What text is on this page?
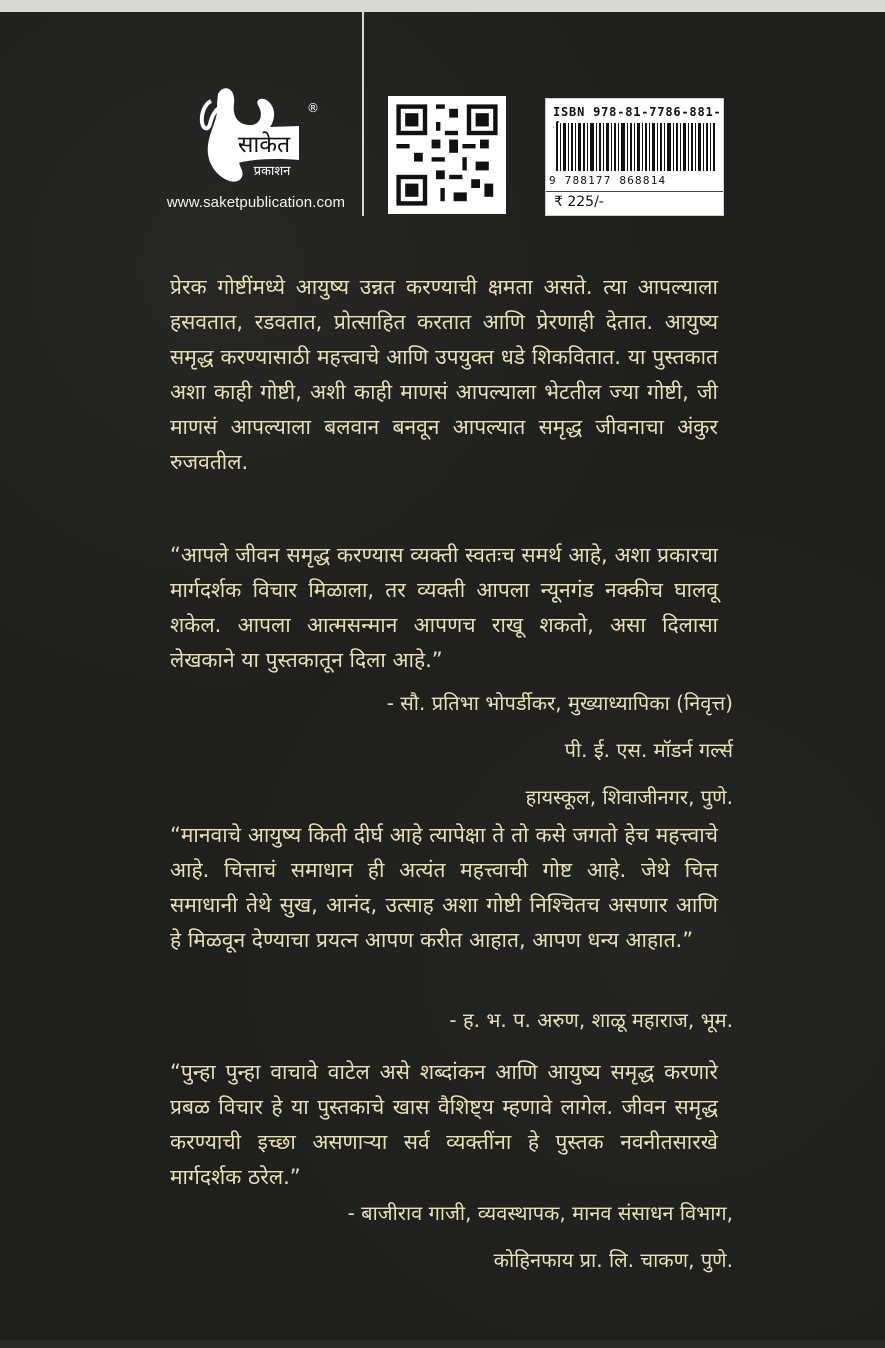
साकेत
प्रकाशन
®
www.saketpublication.com
ISBN 978-81-7786-881-
9 788177 868814
₹ 225/-
प्रेरक गोष्टींमध्ये आयुष्य उन्नत करण्याची क्षमता असते. त्या आपल्याला हसवतात, रडवतात, प्रोत्साहित करतात आणि प्रेरणाही देतात. आयुष्य समृद्ध करण्यासाठी महत्त्वाचे आणि उपयुक्त धडे शिकवितात. या पुस्तकात अशा काही गोष्टी, अशी काही माणसं आपल्याला भेटतील ज्या गोष्टी, जी माणसं आपल्याला बलवान बनवून आपल्यात समृद्ध जीवनाचा अंकुर रुजवतील.
“आपले जीवन समृद्ध करण्यास व्यक्ती स्वतःच समर्थ आहे, अशा प्रकारचा मार्गदर्शक विचार मिळाला, तर व्यक्ती आपला न्यूनगंड नक्कीच घालवू शकेल. आपला आत्मसन्मान आपणच राखू शकतो, असा दिलासा लेखकाने या पुस्तकातून दिला आहे.”
- सौ. प्रतिभा भोपर्डीकर, मुख्याध्यापिका (निवृत्त)
पी. ई. एस. मॉडर्न गर्ल्स
हायस्कूल, शिवाजीनगर, पुणे.
“मानवाचे आयुष्य किती दीर्घ आहे त्यापेक्षा ते तो कसे जगतो हेच महत्त्वाचे आहे. चित्ताचं समाधान ही अत्यंत महत्त्वाची गोष्ट आहे. जेथे चित्त समाधानी तेथे सुख, आनंद, उत्साह अशा गोष्टी निश्चितच असणार आणि हे मिळवून देण्याचा प्रयत्न आपण करीत आहात, आपण धन्य आहात.”
- ह. भ. प. अरुण, शाळू महाराज, भूम.
“पुन्हा पुन्हा वाचावे वाटेल असे शब्दांकन आणि आयुष्य समृद्ध करणारे प्रबळ विचार हे या पुस्तकाचे खास वैशिष्ट्य म्हणावे लागेल. जीवन समृद्ध करण्याची इच्छा असणाऱ्या सर्व व्यक्तींना हे पुस्तक नवनीतसारखे मार्गदर्शक ठरेल.”
- बाजीराव गाजी, व्यवस्थापक, मानव संसाधन विभाग,
कोहिनफाय प्रा. लि. चाकण, पुणे.
